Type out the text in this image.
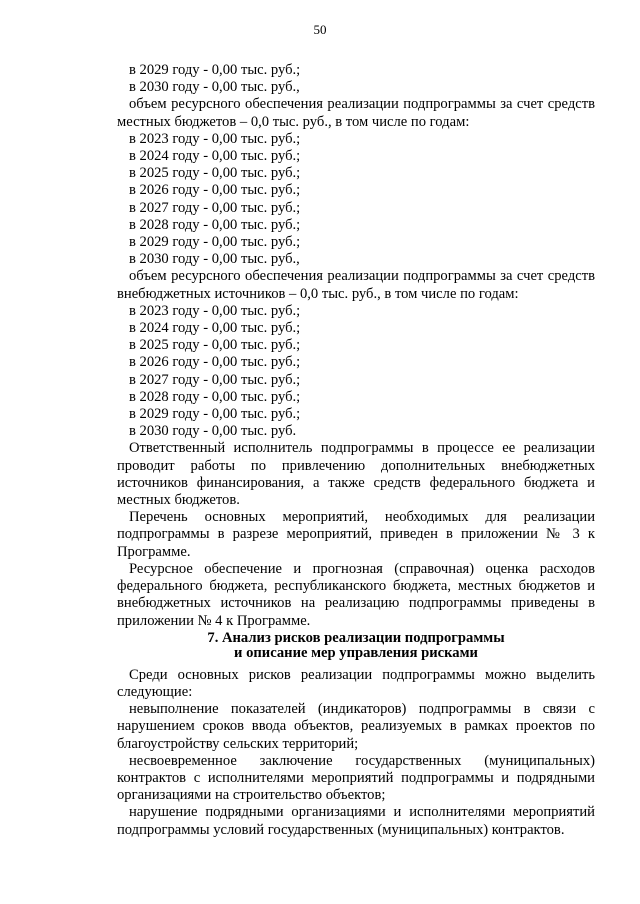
50

в 2029 году - 0,00 тыс. руб.;

в 2030 году - 0,00 тыс. руб.,

объем ресурсного обеспечения реализации подпрограммы за счет средств местных бюджетов – 0,0 тыс. руб., в том числе по годам:

в 2023 году - 0,00 тыс. руб.;

в 2024 году - 0,00 тыс. руб.;

в 2025 году - 0,00 тыс. руб.;

в 2026 году - 0,00 тыс. руб.;

в 2027 году - 0,00 тыс. руб.;

в 2028 году - 0,00 тыс. руб.;

в 2029 году - 0,00 тыс. руб.;

в 2030 году - 0,00 тыс. руб.,

объем ресурсного обеспечения реализации подпрограммы за счет средств внебюджетных источников – 0,0 тыс. руб., в том числе по годам:

в 2023 году - 0,00 тыс. руб.;

в 2024 году - 0,00 тыс. руб.;

в 2025 году - 0,00 тыс. руб.;

в 2026 году - 0,00 тыс. руб.;

в 2027 году - 0,00 тыс. руб.;

в 2028 году - 0,00 тыс. руб.;

в 2029 году - 0,00 тыс. руб.;

в 2030 году - 0,00 тыс. руб.

Ответственный исполнитель подпрограммы в процессе ее реализации проводит работы по привлечению дополнительных внебюджетных источников финансирования, а также средств федерального бюджета и местных бюджетов.

Перечень основных мероприятий, необходимых для реализации подпрограммы в разрезе мероприятий, приведен в приложении № 3 к Программе.

Ресурсное обеспечение и прогнозная (справочная) оценка расходов федерального бюджета, республиканского бюджета, местных бюджетов и внебюджетных источников на реализацию подпрограммы приведены в приложении № 4 к Программе.

7. Анализ рисков реализации подпрограммы
и описание мер управления рисками

Среди основных рисков реализации подпрограммы можно выделить следующие:

невыполнение показателей (индикаторов) подпрограммы в связи с нарушением сроков ввода объектов, реализуемых в рамках проектов по благоустройству сельских территорий;

несвоевременное заключение государственных (муниципальных) контрактов с исполнителями мероприятий подпрограммы и подрядными организациями на строительство объектов;

нарушение подрядными организациями и исполнителями мероприятий подпрограммы условий государственных (муниципальных) контрактов.
